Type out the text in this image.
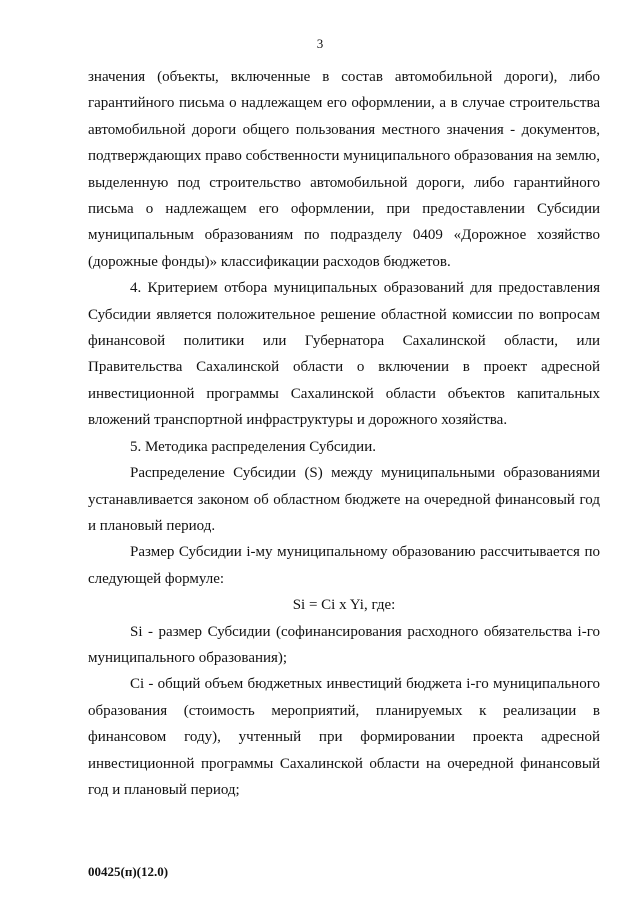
3

значения (объекты, включенные в состав автомобильной дороги), либо гарантийного письма о надлежащем его оформлении, а в случае строительства автомобильной дороги общего пользования местного значения - документов, подтверждающих право собственности муниципального образования на землю, выделенную под строительство автомобильной дороги, либо гарантийного письма о надлежащем его оформлении, при предоставлении Субсидии муниципальным образованиям по подразделу 0409 «Дорожное хозяйство (дорожные фонды)» классификации расходов бюджетов.

4. Критерием отбора муниципальных образований для предоставления Субсидии является положительное решение областной комиссии по вопросам финансовой политики или Губернатора Сахалинской области, или Правительства Сахалинской области о включении в проект адресной инвестиционной программы Сахалинской области объектов капитальных вложений транспортной инфраструктуры и дорожного хозяйства.

5. Методика распределения Субсидии.

Распределение Субсидии (S) между муниципальными образованиями устанавливается законом об областном бюджете на очередной финансовый год и плановый период.

Размер Субсидии i-му муниципальному образованию рассчитывается по следующей формуле:

Si = Ci x Yi, где:

Si - размер Субсидии (софинансирования расходного обязательства i-го муниципального образования);

Ci - общий объем бюджетных инвестиций бюджета i-го муниципального образования (стоимость мероприятий, планируемых к реализации в финансовом году), учтенный при формировании проекта адресной инвестиционной программы Сахалинской области на очередной финансовый год и плановый период;

00425(п)(12.0)
